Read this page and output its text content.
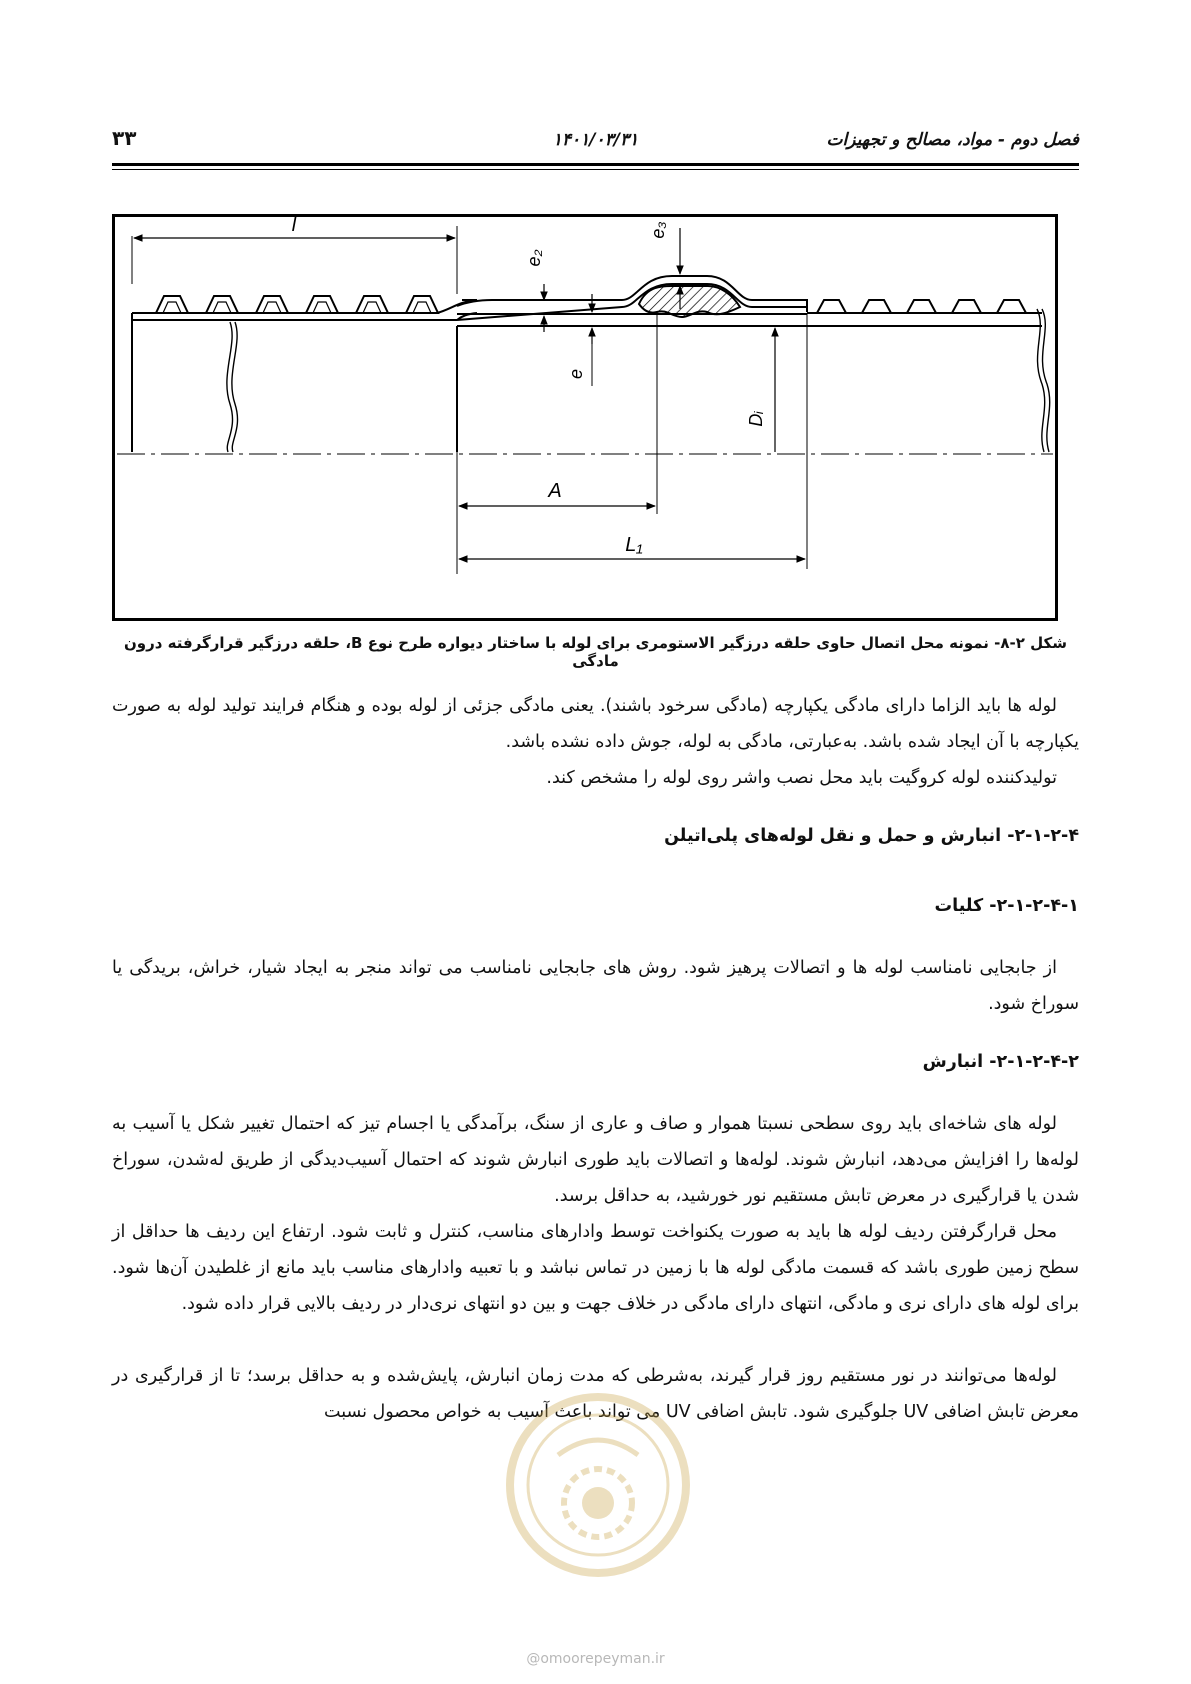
فصل دوم - مواد، مصالح و تجهیزات
۱۴۰۱/۰۳/۳۱
۳۳
l
e₂
e₃
e
Dᵢ
A
L₁
شکل ۲-۸- نمونه محل اتصال حاوی حلقه درزگیر الاستومری برای لوله با ساختار دیواره طرح نوع B، حلقه درزگیر قرارگرفته درون مادگی
لوله ها باید الزاما دارای مادگی یکپارچه (مادگی سرخود باشند). یعنی مادگی جزئی از لوله بوده و هنگام فرایند تولید لوله به صورت یکپارچه با آن ایجاد شده باشد. به‌عبارتی، مادگی به لوله، جوش داده نشده باشد.
تولیدکننده لوله کروگیت باید محل نصب واشر روی لوله را مشخص کند.
۲-۱-۲-۴- انبارش و حمل و نقل لوله‌های پلی‌اتیلن
۲-۱-۲-۴-۱- کلیات
از جابجایی نامناسب لوله ها و اتصالات پرهیز شود. روش های جابجایی نامناسب می تواند منجر به ایجاد شیار، خراش، بریدگی یا سوراخ شود.
۲-۱-۲-۴-۲- انبارش
لوله های شاخه‌ای باید روی سطحی نسبتا هموار و صاف و عاری از سنگ، برآمدگی یا اجسام تیز که احتمال تغییر شکل یا آسیب به لوله‌ها را افزایش می‌دهد، انبارش شوند. لوله‌ها و اتصالات باید طوری انبارش شوند که احتمال آسیب‌دیدگی از طریق له‌شدن، سوراخ شدن یا قرارگیری در معرض تابش مستقیم نور خورشید، به حداقل برسد.
محل قرارگرفتن ردیف لوله ها باید به صورت یکنواخت توسط وادارهای مناسب، کنترل و ثابت شود. ارتفاع این ردیف ها حداقل از سطح زمین طوری باشد که قسمت مادگی لوله ها با زمین در تماس نباشد و با تعبیه وادارهای مناسب باید مانع از غلطیدن آن‌ها شود. برای لوله های دارای نری و مادگی، انتهای دارای مادگی در خلاف جهت و بین دو انتهای نری‌دار در ردیف بالایی قرار داده شود.
لوله‌ها می‌توانند در نور مستقیم روز قرار گیرند، به‌شرطی که مدت زمان انبارش، پایش‌شده و به حداقل برسد؛ تا از قرارگیری در معرض تابش اضافی UV جلوگیری شود. تابش اضافی UV می تواند باعث آسیب به خواص محصول نسبت
@omoorepeyman.ir
